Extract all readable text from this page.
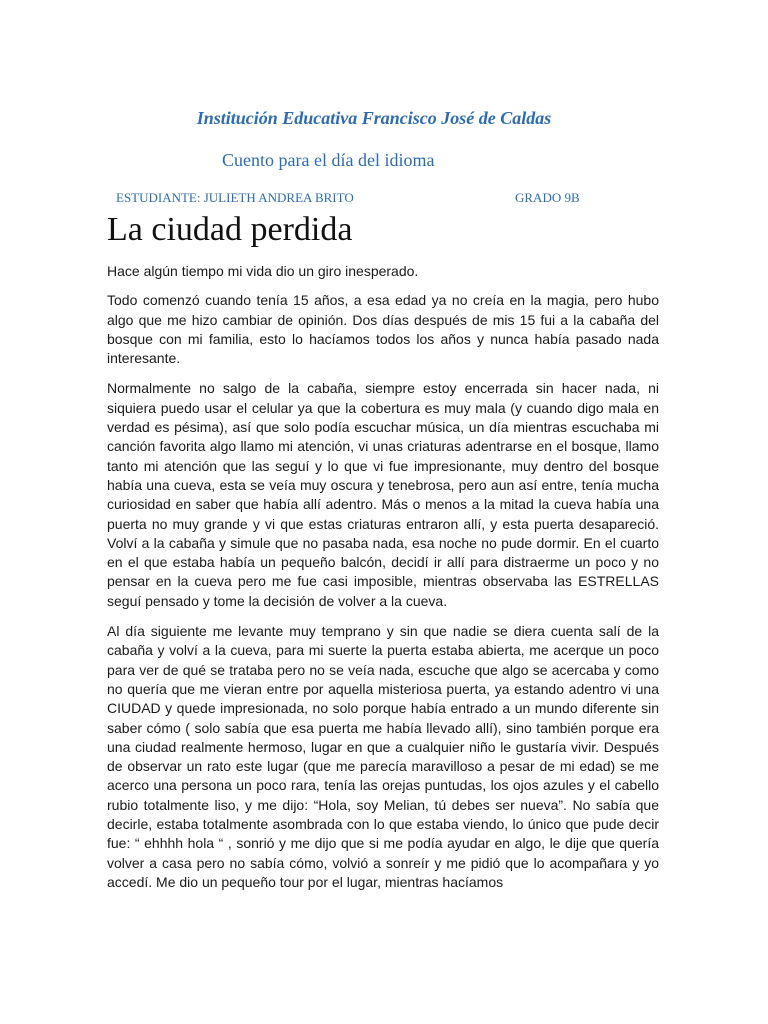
Institución Educativa Francisco José de Caldas
Cuento para el día del idioma
ESTUDIANTE: JULIETH ANDREA BRITO	GRADO 9B
La ciudad perdida

Hace algún tiempo mi vida dio un giro inesperado.

Todo comenzó cuando tenía 15 años, a esa edad ya no creía en la magia, pero hubo algo que me hizo cambiar de opinión. Dos días después de mis 15 fui a la cabaña del bosque con mi familia, esto lo hacíamos todos los años y nunca había pasado nada interesante.

Normalmente no salgo de la cabaña, siempre estoy encerrada sin hacer nada, ni siquiera puedo usar el celular ya que la cobertura es muy mala (y cuando digo mala en verdad es pésima), así que solo podía escuchar música, un día mientras escuchaba mi canción favorita algo llamo mi atención, vi unas criaturas adentrarse en el bosque, llamo tanto mi atención que las seguí y lo que vi fue impresionante, muy dentro del bosque había una cueva, esta se veía muy oscura y tenebrosa, pero aun así entre, tenía mucha curiosidad en saber que había allí adentro. Más o menos a la mitad la cueva había una puerta no muy grande y vi que estas criaturas entraron allí, y esta puerta desapareció. Volví a la cabaña y simule que no pasaba nada, esa noche no pude dormir. En el cuarto en el que estaba había un pequeño balcón, decidí ir allí para distraerme un poco y no pensar en la cueva pero me fue casi imposible, mientras observaba las ESTRELLAS seguí pensado y tome la decisión de volver a la cueva.

Al día siguiente me levante muy temprano y sin que nadie se diera cuenta salí de la cabaña y volví a la cueva, para mi suerte la puerta estaba abierta, me acerque un poco para ver de qué se trataba pero no se veía nada, escuche que algo se acercaba y como no quería que me vieran entre por aquella misteriosa puerta, ya estando adentro vi una CIUDAD y quede impresionada, no solo porque había entrado a un mundo diferente sin saber cómo ( solo sabía que esa puerta me había llevado allí), sino también porque era una ciudad realmente hermoso, lugar en que a cualquier niño le gustaría vivir. Después de observar un rato este lugar (que me parecía maravilloso a pesar de mi edad) se me acerco una persona un poco rara, tenía las orejas puntudas, los ojos azules y el cabello rubio totalmente liso, y me dijo: “Hola, soy Melian, tú debes ser nueva”. No sabía que decirle, estaba totalmente asombrada con lo que estaba viendo, lo único que pude decir fue: “ ehhhh hola “ , sonrió y me dijo que si me podía ayudar en algo, le dije que quería volver a casa pero no sabía cómo, volvió a sonreír y me pidió que lo acompañara y yo accedí. Me dio un pequeño tour por el lugar, mientras hacíamos
